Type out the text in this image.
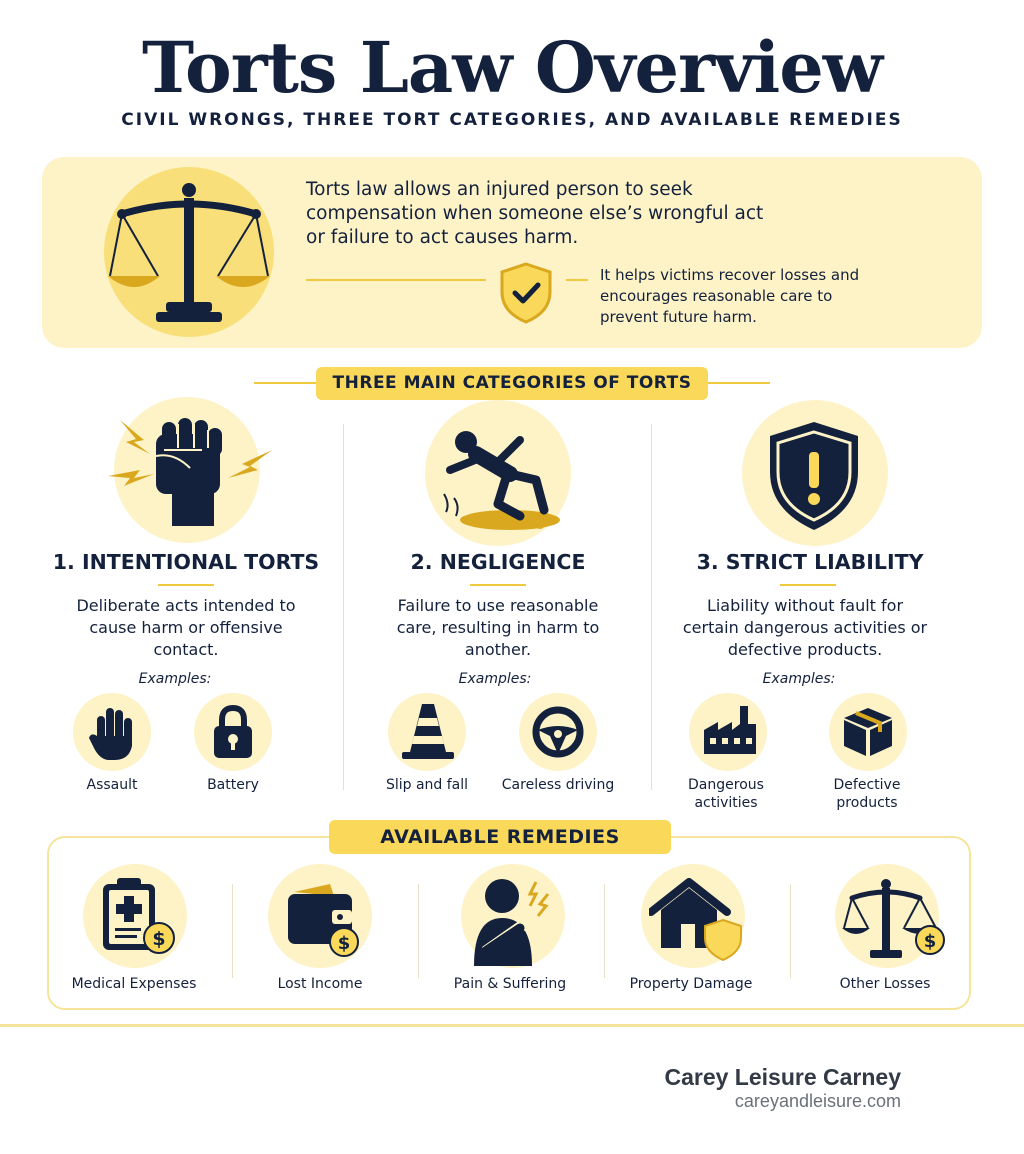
Torts Law Overview
CIVIL WRONGS, THREE TORT CATEGORIES, AND AVAILABLE REMEDIES
Torts law allows an injured person to seek compensation when someone else’s wrongful act or failure to act causes harm.
It helps victims recover losses and encourages reasonable care to prevent future harm.
THREE MAIN CATEGORIES OF TORTS
1. INTENTIONAL TORTS
Deliberate acts intended to cause harm or offensive contact.
Examples:
Assault	Battery
2. NEGLIGENCE
Failure to use reasonable care, resulting in harm to another.
Examples:
Slip and fall	Careless driving
3. STRICT LIABILITY
Liability without fault for certain dangerous activities or defective products.
Examples:
Dangerous activities
Defective products
AVAILABLE REMEDIES
$
Medical Expenses
$
Lost Income	Pain & Suffering	Property Damage
$
Other Losses
Carey Leisure Carney
careyandleisure.com
